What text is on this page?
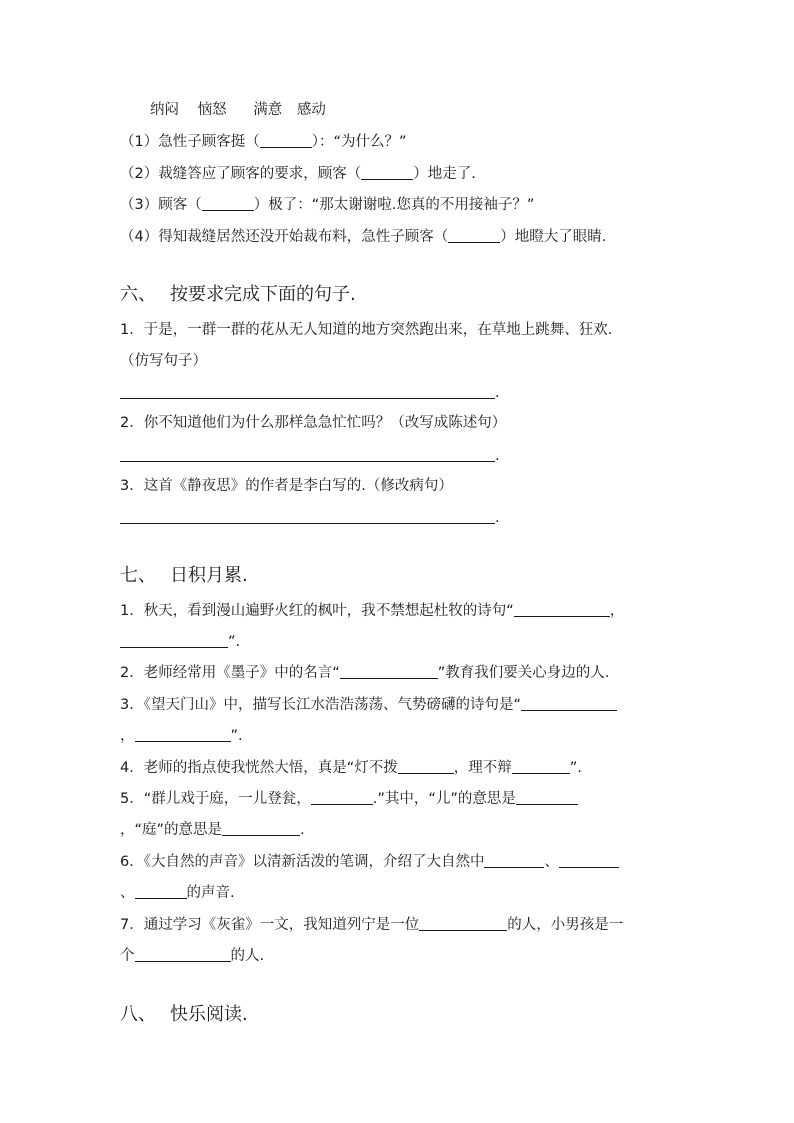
纳闷 恼怒 满意 感动
（1）急性子顾客挺（	）：“为什么？”
（2）裁缝答应了顾客的要求，顾客（	）地走了.
（3）顾客（	）极了：“那太谢谢啦.您真的不用接袖子？”
（4）得知裁缝居然还没开始裁布料，急性子顾客（	）地瞪大了眼睛.
六、 按要求完成下面的句子.
1．于是，一群一群的花从无人知道的地方突然跑出来，在草地上跳舞、狂欢.
（仿写句子）
.
2．你不知道他们为什么那样急急忙忙吗？（改写成陈述句）
.
3．这首《静夜思》的作者是李白写的.（修改病句）
.
七、 日积月累.
1．秋天，看到漫山遍野火红的枫叶，我不禁想起杜牧的诗句“	，
”.
2．老师经常用《墨子》中的名言“	”教育我们要关心身边的人.
3．《望天门山》中，描写长江水浩浩荡荡、气势磅礴的诗句是“
，	”.
4．老师的指点使我恍然大悟，真是“灯不拨	，理不辩	”.
5．“群儿戏于庭，一儿登瓮，	.”其中，“儿”的意思是
，“庭”的意思是	.
6．《大自然的声音》以清新活泼的笔调，介绍了大自然中	、
、	的声音.
7．通过学习《灰雀》一文，我知道列宁是一位	的人，小男孩是一
个	的人.
八、 快乐阅读.
